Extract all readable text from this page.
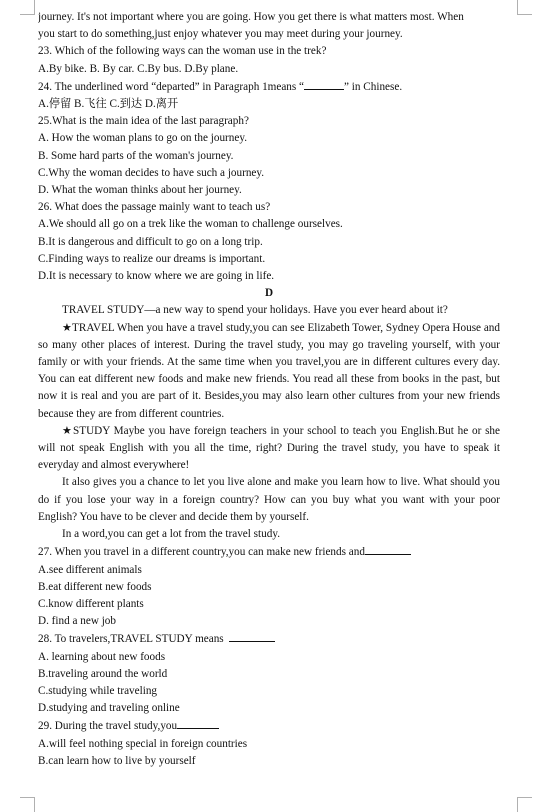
journey. It's not important where you are going. How you get there is what matters most. When
you start to do something,just enjoy whatever you may meet during your journey.
23. Which of the following ways can the woman use in the trek?
A.By bike. B. By car. C.By bus. D.By plane.
24. The underlined word “departed” in Paragraph 1means “	” in Chinese.
A.停留 B.飞往 C.到达 D.离开
25.What is the main idea of the last paragraph?
A. How the woman plans to go on the journey.
B. Some hard parts of the woman's journey.
C.Why the woman decides to have such a journey.
D. What the woman thinks about her journey.
26. What does the passage mainly want to teach us?
A.We should all go on a trek like the woman to challenge ourselves.
B.It is dangerous and difficult to go on a long trip.
C.Finding ways to realize our dreams is important.
D.It is necessary to know where we are going in life.
D
TRAVEL STUDY—a new way to spend your holidays. Have you ever heard about it?
★TRAVEL When you have a travel study,you can see Elizabeth Tower, Sydney Opera House and so many other places of interest. During the travel study, you may go traveling yourself, with your family or with your friends. At the same time when you travel,you are in different cultures every day. You can eat different new foods and make new friends. You read all these from books in the past, but now it is real and you are part of it. Besides,you may also learn other cultures from your new friends because they are from different countries.
★STUDY Maybe you have foreign teachers in your school to teach you English.But he or she will not speak English with you all the time, right? During the travel study, you have to speak it everyday and almost everywhere!
It also gives you a chance to let you live alone and make you learn how to live. What should you do if you lose your way in a foreign country? How can you buy what you want with your poor English? You have to be clever and decide them by yourself.
In a word,you can get a lot from the travel study.
27. When you travel in a different country,you can make new friends and
A.see different animals
B.eat different new foods
C.know different plants
D. find a new job
28. To travelers,TRAVEL STUDY means
A. learning about new foods
B.traveling around the world
C.studying while traveling
D.studying and traveling online
29. During the travel study,you
A.will feel nothing special in foreign countries
B.can learn how to live by yourself
